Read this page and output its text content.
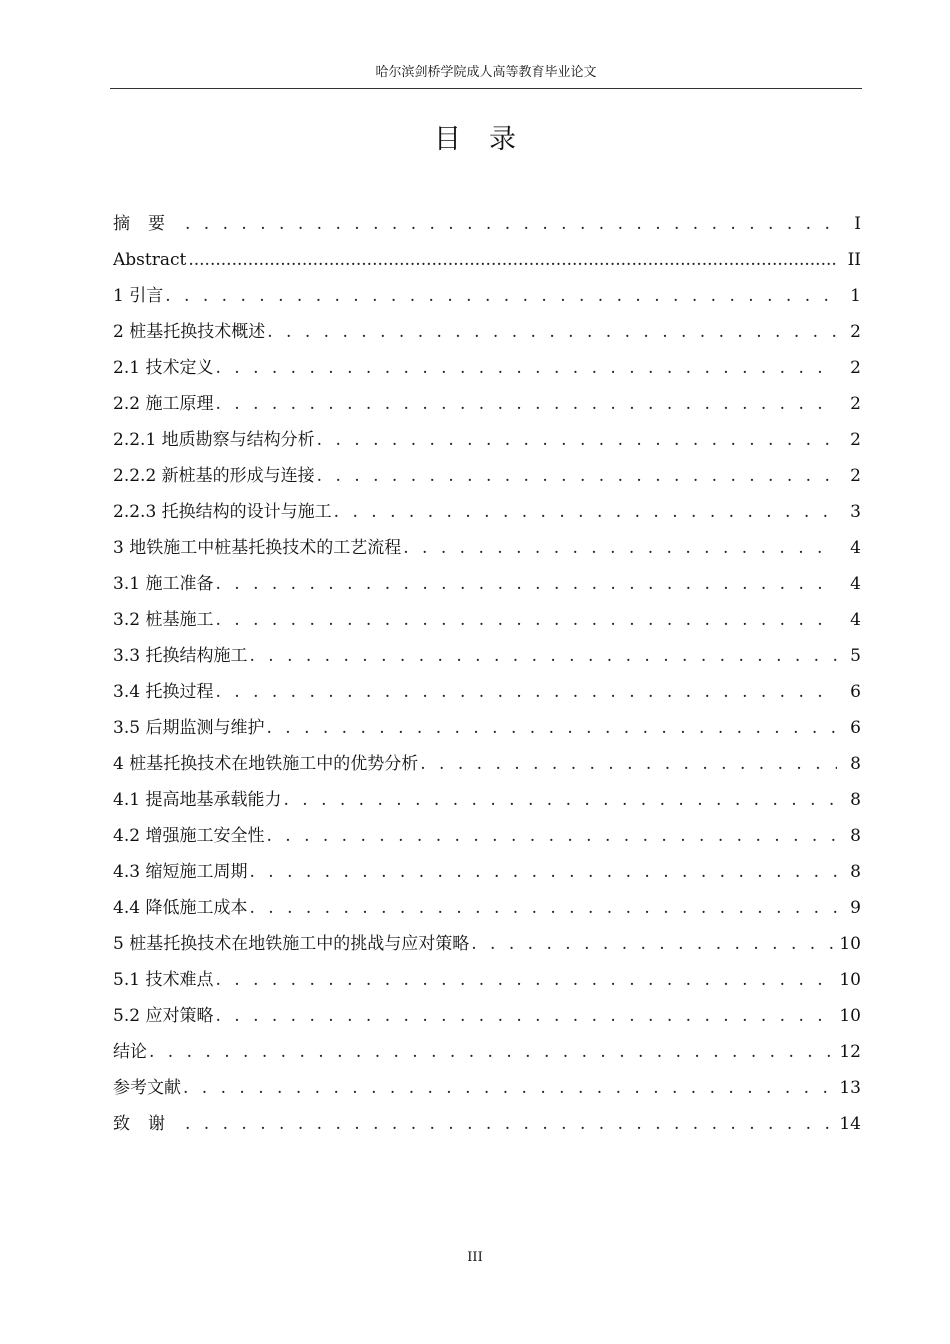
哈尔滨剑桥学院成人高等教育毕业论文
目录
摘要 . . .	I
Abstract .....	II
1 引言 . . .	1
2 桩基托换技术概述 . . .	2
2.1 技术定义 . . .	2
2.2 施工原理 . . .	2
2.2.1 地质勘察与结构分析 . . .	2
2.2.2 新桩基的形成与连接 . . .	2
2.2.3 托换结构的设计与施工 . . .	3
3 地铁施工中桩基托换技术的工艺流程 . . .	4
3.1 施工准备 . . .	4
3.2 桩基施工 . . .	4
3.3 托换结构施工 . . .	5
3.4 托换过程 . . .	6
3.5 后期监测与维护 . . .	6
4 桩基托换技术在地铁施工中的优势分析 . . .	8
4.1 提高地基承载能力 . . .	8
4.2 增强施工安全性 . . .	8
4.3 缩短施工周期 . . .	8
4.4 降低施工成本 . . .	9
5 桩基托换技术在地铁施工中的挑战与应对策略 . . .	10
5.1 技术难点 . . .	10
5.2 应对策略 . . .	10
结论 . . .	12
参考文献 . . .	13
致谢 . . .	14
III
